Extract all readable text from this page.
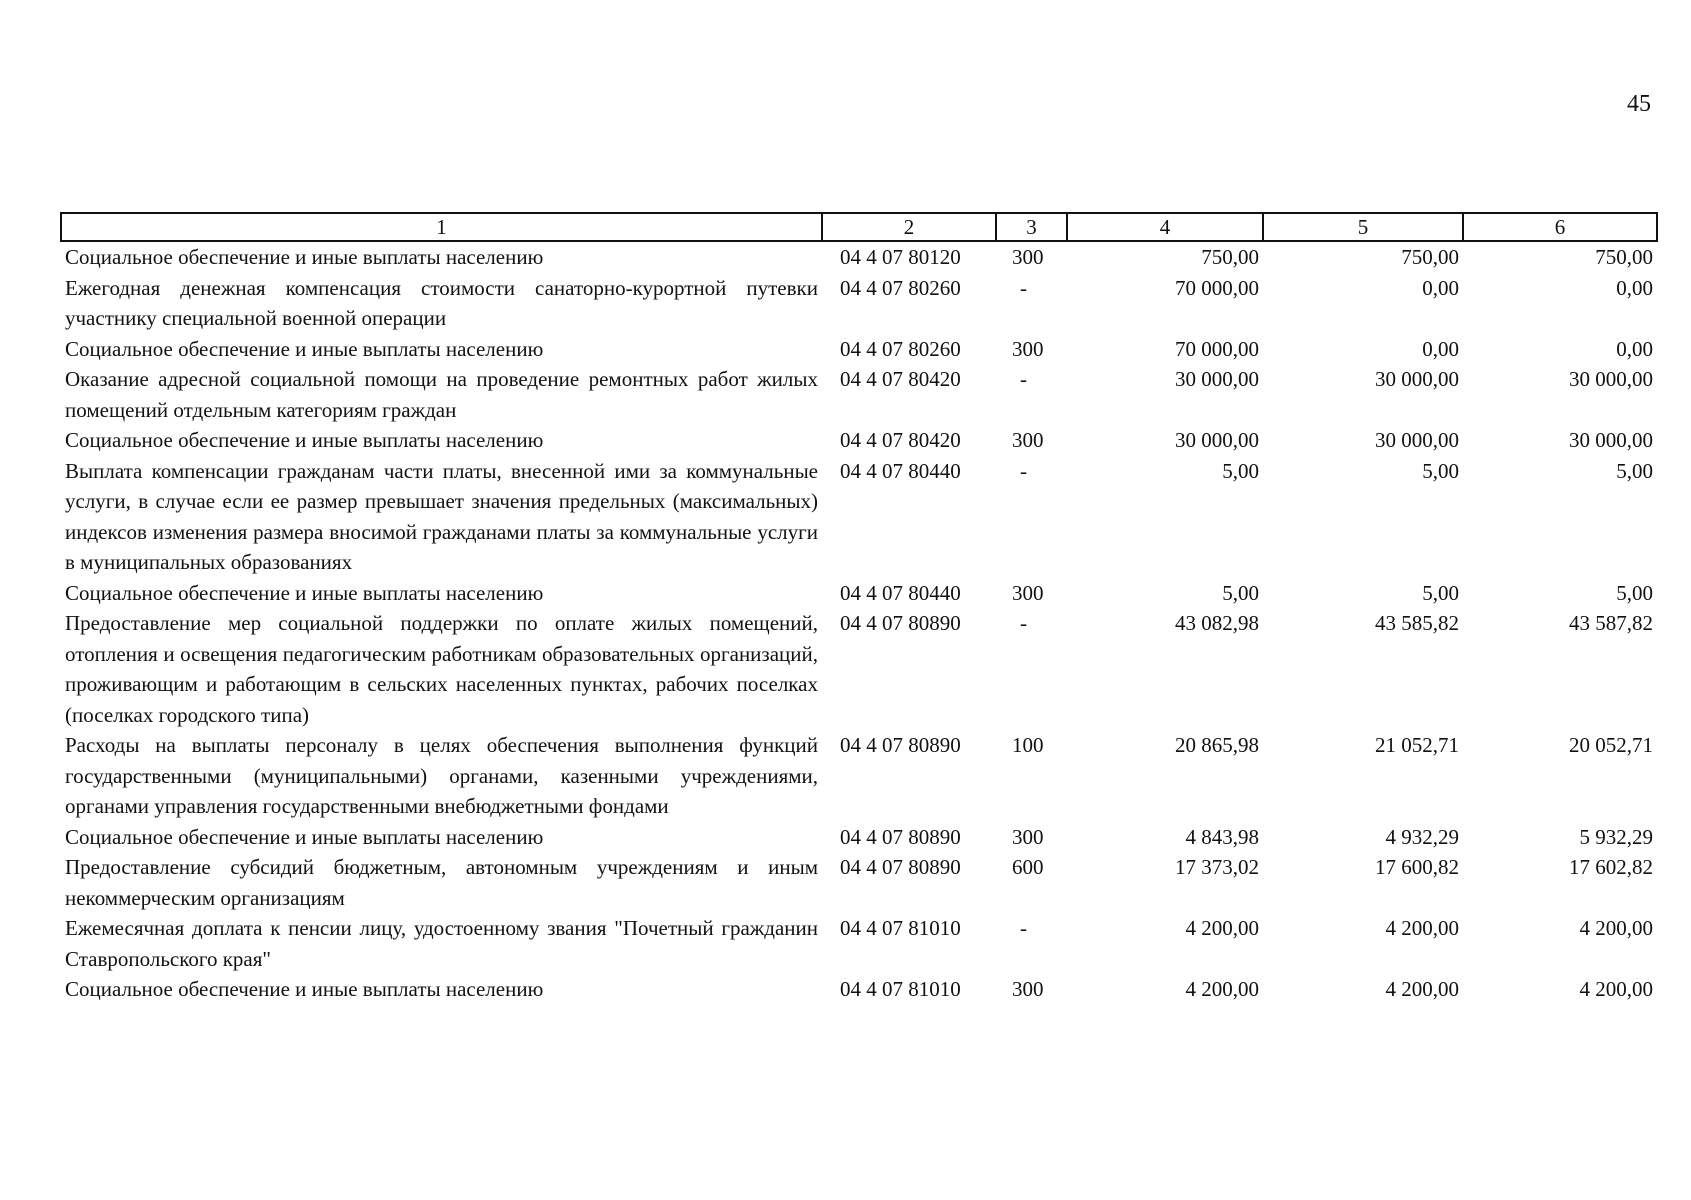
45
1	2	3	4	5	6
Социальное обеспечение и иные выплаты населению	04 4 07 80120	300	750,00	750,00	750,00
Ежегодная денежная компенсация стоимости санаторно-курортной путевки участнику специальной военной операции	04 4 07 80260	-	70 000,00	0,00	0,00
Социальное обеспечение и иные выплаты населению	04 4 07 80260	300	70 000,00	0,00	0,00
Оказание адресной социальной помощи на проведение ремонтных работ жилых помещений отдельным категориям граждан	04 4 07 80420	-	30 000,00	30 000,00	30 000,00
Социальное обеспечение и иные выплаты населению	04 4 07 80420	300	30 000,00	30 000,00	30 000,00
Выплата компенсации гражданам части платы, внесенной ими за коммунальные услуги, в случае если ее размер превышает значения предельных (максимальных) индексов изменения размера вносимой гражданами платы за коммунальные услуги в муниципальных образованиях	04 4 07 80440	-	5,00	5,00	5,00
Социальное обеспечение и иные выплаты населению	04 4 07 80440	300	5,00	5,00	5,00
Предоставление мер социальной поддержки по оплате жилых помещений, отопления и освещения педагогическим работникам образовательных организаций, проживающим и работающим в сельских населенных пунктах, рабочих поселках (поселках городского типа)	04 4 07 80890	-	43 082,98	43 585,82	43 587,82
Расходы на выплаты персоналу в целях обеспечения выполнения функций государственными (муниципальными) органами, казенными учреждениями, органами управления государственными внебюджетными фондами	04 4 07 80890	100	20 865,98	21 052,71	20 052,71
Социальное обеспечение и иные выплаты населению	04 4 07 80890	300	4 843,98	4 932,29	5 932,29
Предоставление субсидий бюджетным, автономным учреждениям и иным некоммерческим организациям	04 4 07 80890	600	17 373,02	17 600,82	17 602,82
Ежемесячная доплата к пенсии лицу, удостоенному звания "Почетный гражданин Ставропольского края"	04 4 07 81010	-	4 200,00	4 200,00	4 200,00
Социальное обеспечение и иные выплаты населению	04 4 07 81010	300	4 200,00	4 200,00	4 200,00
